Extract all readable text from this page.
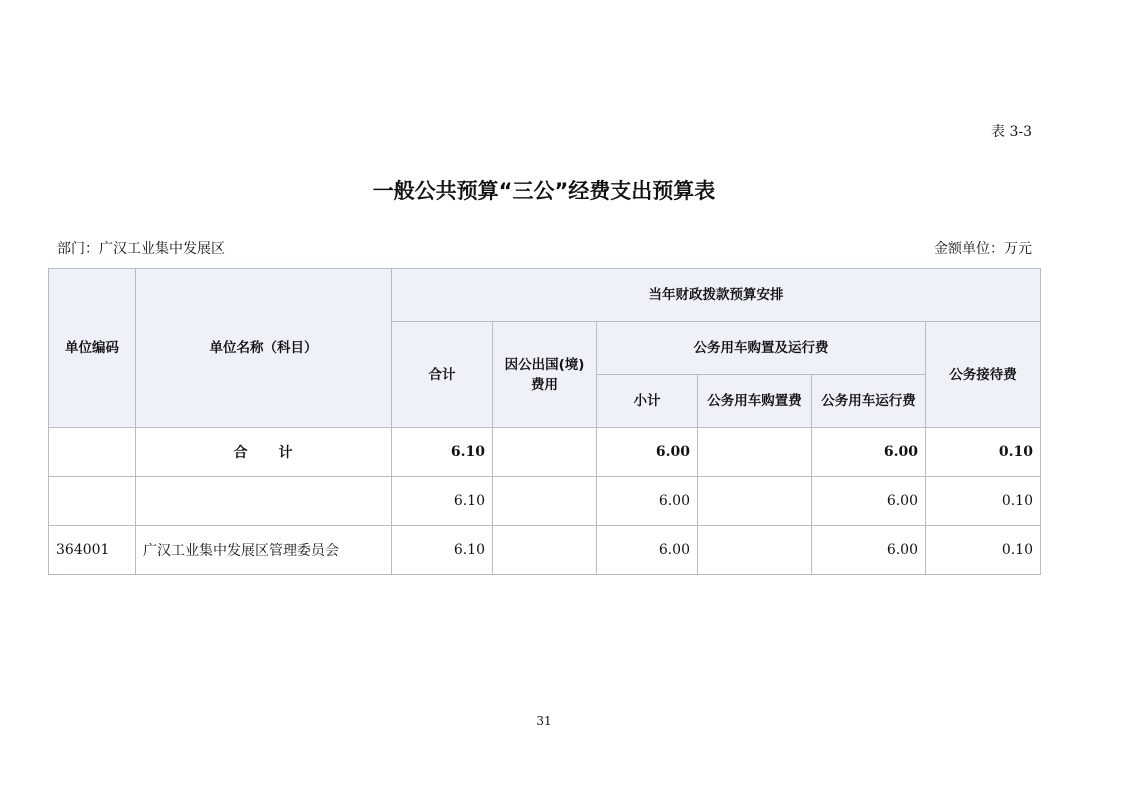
表 3-3
一般公共预算“三公”经费支出预算表
部门：广汉工业集中发展区	金额单位：万元
单位编码	单位名称（科目）	当年财政拨款预算安排					
		合计	因公出国(境)费用	公务用车购置及运行费			公务接待费
				小计	公务用车购置费	公务用车运行费	
	合　　计	6.10		6.00		6.00	0.10
		6.10		6.00		6.00	0.10
364001	广汉工业集中发展区管理委员会	6.10		6.00		6.00	0.10
31
